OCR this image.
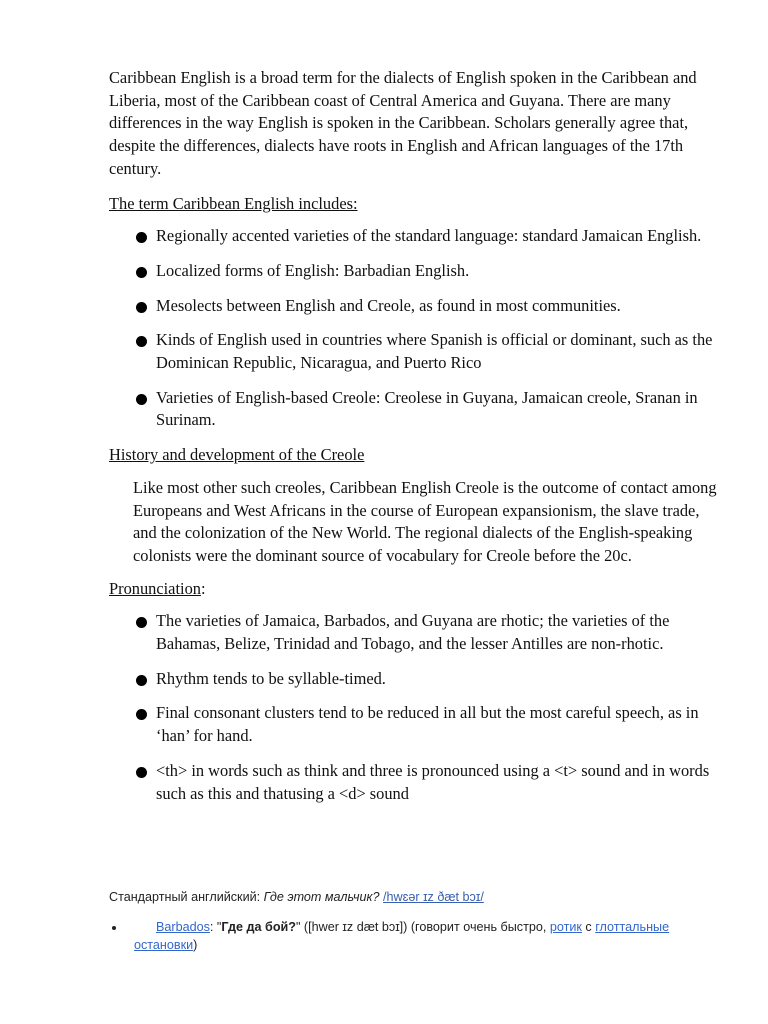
Caribbean English is a broad term for the dialects of English spoken in the Caribbean and Liberia, most of the Caribbean coast of Central America and Guyana. There are many differences in the way English is spoken in the Caribbean. Scholars generally agree that, despite the differences, dialects have roots in English and African languages of the 17th century.

The term Caribbean English includes:
Regionally accented varieties of the standard language: standard Jamaican English.
Localized forms of English: Barbadian English.
Mesolects between English and Creole, as found in most communities.
Kinds of English used in countries where Spanish is official or dominant, such as the Dominican Republic, Nicaragua, and Puerto Rico
Varieties of English-based Creole: Creolese in Guyana, Jamaican creole, Sranan in Surinam.
History and development of the Creole

Like most other such creoles, Caribbean English Creole is the outcome of contact among Europeans and West Africans in the course of European expansionism, the slave trade, and the colonization of the New World. The regional dialects of the English-speaking colonists were the dominant source of vocabulary for Creole before the 20c.

Pronunciation:
The varieties of Jamaica, Barbados, and Guyana are rhotic; the varieties of the Bahamas, Belize, Trinidad and Tobago, and the lesser Antilles are non-rhotic.
Rhythm tends to be syllable-timed.
Final consonant clusters tend to be reduced in all but the most careful speech, as in ‘han’ for hand.
<th> in words such as think and three is pronounced using a <t> sound and in words such as this and thatusing a <d> sound
Стандартный английский: Где этот мальчик? /hwɛər ɪz ðæt bɔɪ/
Barbados: "Где да бой?" ([hwer ɪz dæt bɔɪ]) (говорит очень быстро, ротик с глоттальные остановки)
